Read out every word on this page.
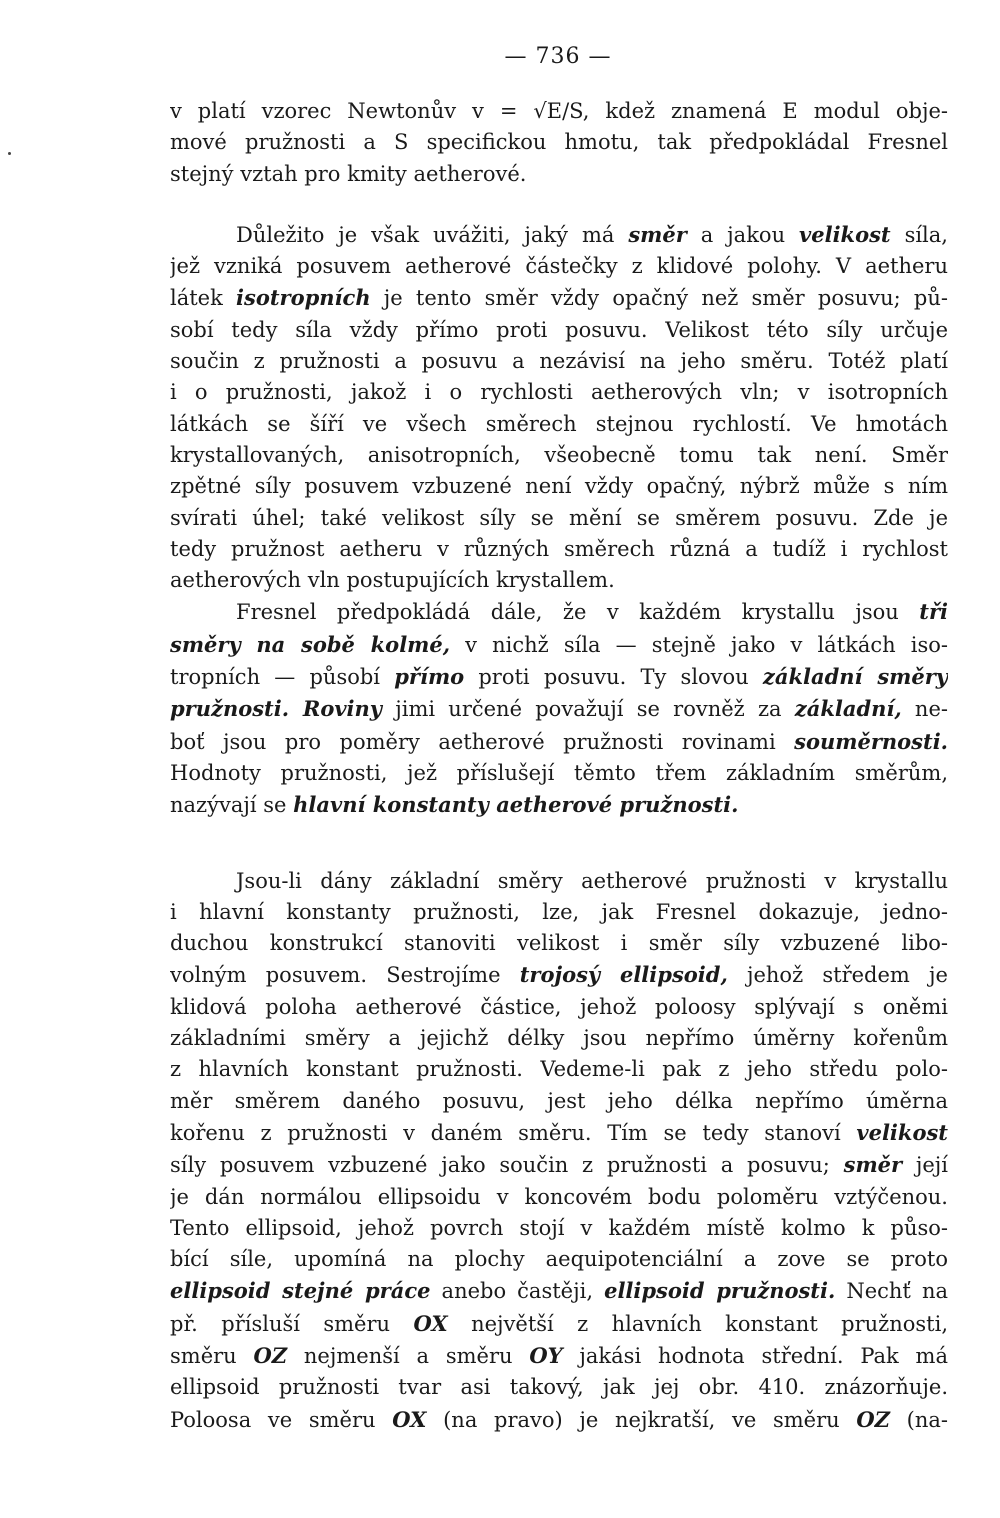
— 736 —
v platí vzorec Newtonův v = √E/S, kdež znamená E modul obje-
mové pružnosti a S specifickou hmotu, tak předpokládal Fresnel
stejný vztah pro kmity aetherové.
Důležito je však uvážiti, jaký má směr a jakou velikost síla,
jež vzniká posuvem aetherové částečky z klidové polohy. V aetheru
látek isotropních je tento směr vždy opačný než směr posuvu; pů-
sobí tedy síla vždy přímo proti posuvu. Velikost této síly určuje
součin z pružnosti a posuvu a nezávisí na jeho směru. Totéž platí
i o pružnosti, jakož i o rychlosti aetherových vln; v isotropních
látkách se šíří ve všech směrech stejnou rychlostí. Ve hmotách
krystallovaných, anisotropních, všeobecně tomu tak není. Směr
zpětné síly posuvem vzbuzené není vždy opačný, nýbrž může s ním
svírati úhel; také velikost síly se mění se směrem posuvu. Zde je
tedy pružnost aetheru v různých směrech různá a tudíž i rychlost
aetherových vln postupujících krystallem.
Fresnel předpokládá dále, že v každém krystallu jsou tři
směry na sobě kolmé, v nichž síla — stejně jako v látkách iso-
tropních — působí přímo proti posuvu. Ty slovou základní směry
pružnosti. Roviny jimi určené považují se rovněž za základní, ne-
boť jsou pro poměry aetherové pružnosti rovinami souměrnosti.
Hodnoty pružnosti, jež příslušejí těmto třem základním směrům,
nazývají se hlavní konstanty aetherové pružnosti.
Jsou-li dány základní směry aetherové pružnosti v krystallu
i hlavní konstanty pružnosti, lze, jak Fresnel dokazuje, jedno-
duchou konstrukcí stanoviti velikost i směr síly vzbuzené libo-
volným posuvem. Sestrojíme trojosý ellipsoid, jehož středem je
klidová poloha aetherové částice, jehož poloosy splývají s oněmi
základními směry a jejichž délky jsou nepřímo úměrny kořenům
z hlavních konstant pružnosti. Vedeme-li pak z jeho středu polo-
měr směrem daného posuvu, jest jeho délka nepřímo úměrna
kořenu z pružnosti v daném směru. Tím se tedy stanoví velikost
síly posuvem vzbuzené jako součin z pružnosti a posuvu; směr její
je dán normálou ellipsoidu v koncovém bodu poloměru vztýčenou.
Tento ellipsoid, jehož povrch stojí v každém místě kolmo k půso-
bící síle, upomíná na plochy aequipotenciální a zove se proto
ellipsoid stejné práce anebo častěji, ellipsoid pružnosti. Nechť na
př. přísluší směru OX největší z hlavních konstant pružnosti,
směru OZ nejmenší a směru OY jakási hodnota střední. Pak má
ellipsoid pružnosti tvar asi takový, jak jej obr. 410. znázorňuje.
Poloosa ve směru OX (na pravo) je nejkratší, ve směru OZ (na-
